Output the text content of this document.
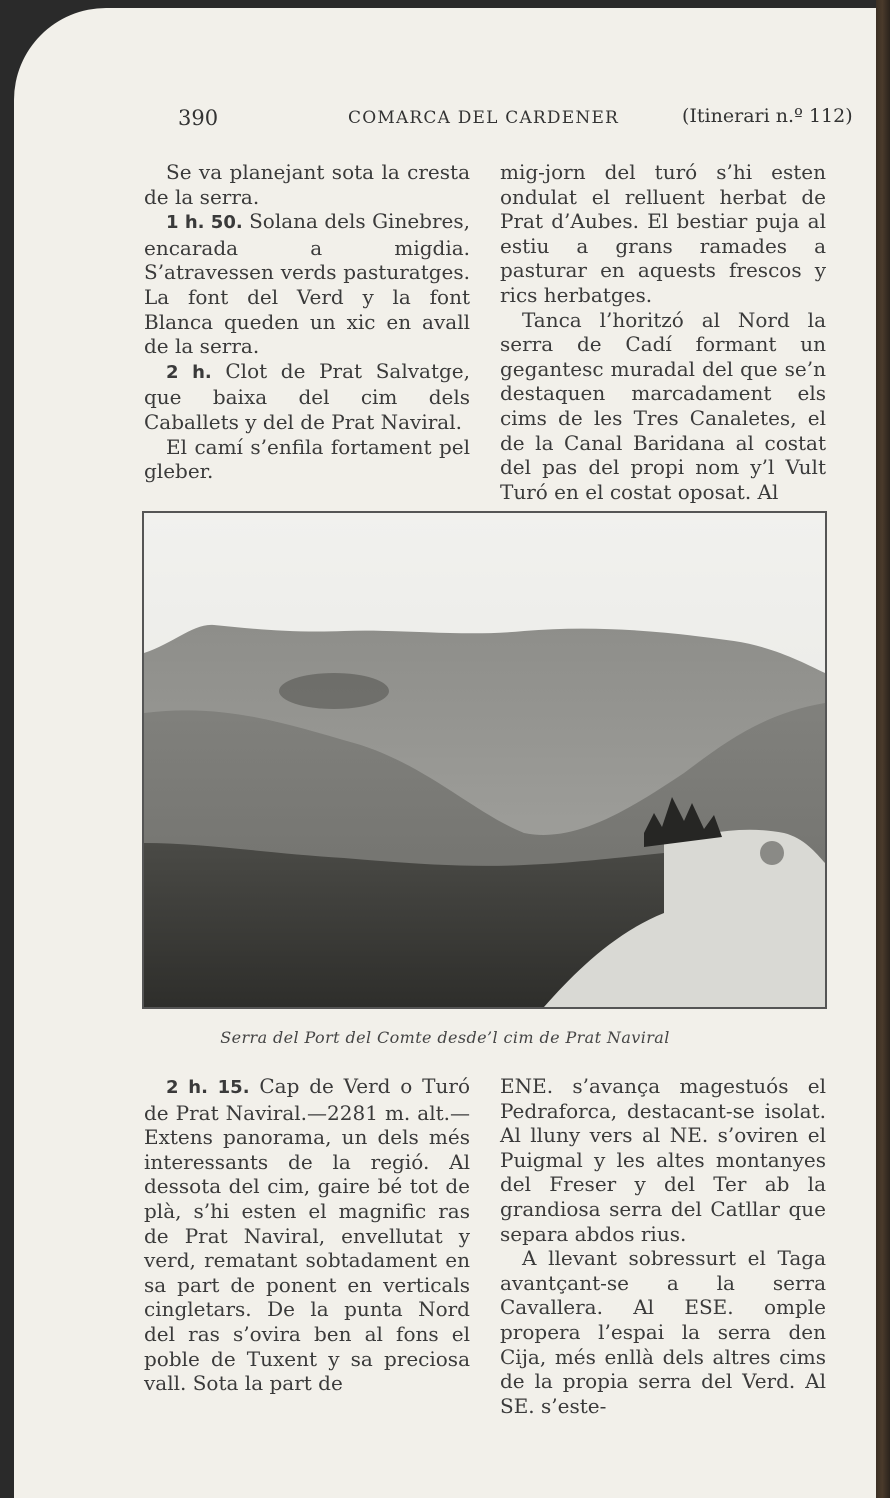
390	COMARCA DEL CARDENER	(Itinerari n.º 112)

Se va planejant sota la cresta de la serra.

1 h. 50. Solana dels Ginebres, encarada a migdia. S’atravessen verds pasturatges. La font del Verd y la font Blanca queden un xic en avall de la serra.

2 h. Clot de Prat Salvatge, que baixa del cim dels Caballets y del de Prat Naviral.

El camí s’enfila fortament pel gleber.

mig-jorn del turó s’hi esten ondulat el relluent herbat de Prat d’Aubes. El bestiar puja al estiu a grans ramades a pasturar en aquests frescos y rics herbatges.

Tanca l’horitzó al Nord la serra de Cadí formant un gegantesc muradal del que se’n destaquen marcadament els cims de les Tres Canaletes, el de la Canal Baridana al costat del pas del propi nom y’l Vult Turó en el costat oposat. Al

Serra del Port del Comte desde’l cim de Prat Naviral

2 h. 15. Cap de Verd o Turó de Prat Naviral.—2281 m. alt.—Extens panorama, un dels més interessants de la regió. Al dessota del cim, gaire bé tot de plà, s’hi esten el magnific ras de Prat Naviral, envellutat y verd, rematant sobtadament en sa part de ponent en verticals cingletars. De la punta Nord del ras s’ovira ben al fons el poble de Tuxent y sa preciosa vall. Sota la part de

ENE. s’avança magestuós el Pedraforca, destacant-se isolat. Al lluny vers al NE. s’oviren el Puigmal y les altes montanyes del Freser y del Ter ab la grandiosa serra del Catllar que separa abdos rius.

A llevant sobressurt el Taga avantçant-se a la serra Cavallera. Al ESE. omple propera l’espai la serra den Cija, més enllà dels altres cims de la propia serra del Verd. Al SE. s’este-
